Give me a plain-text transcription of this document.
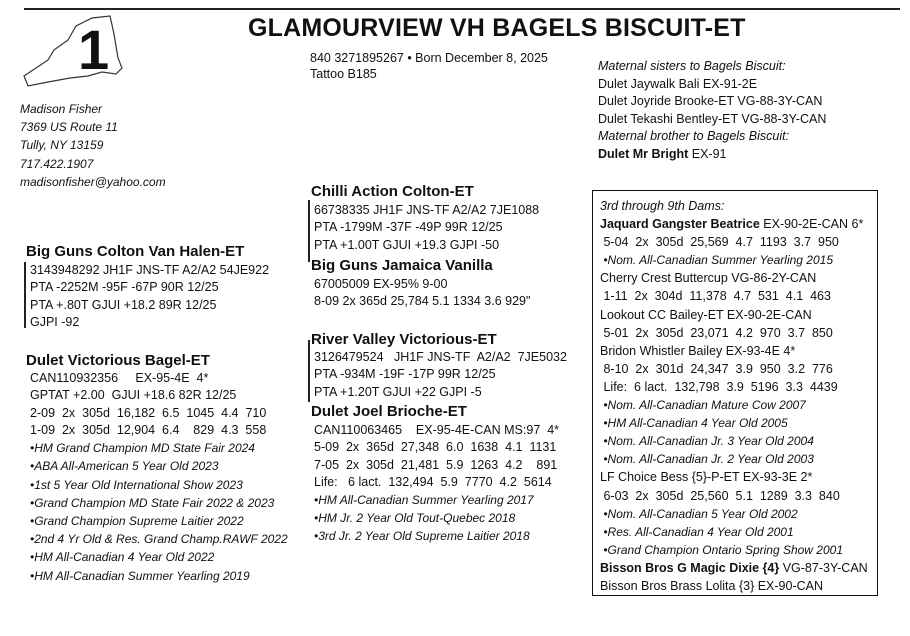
1	GLAMOURVIEW VH BAGELS BISCUIT-ET
840 3271895267 • Born December 8, 2025
Tattoo B185
Madison Fisher
7369 US Route 11
Tully, NY 13159
717.422.1907
madisonfisher@yahoo.com
Maternal sisters to Bagels Biscuit:
Dulet Jaywalk Bali EX-91-2E
Dulet Joyride Brooke-ET VG-88-3Y-CAN
Dulet Tekashi Bentley-ET VG-88-3Y-CAN
Maternal brother to Bagels Biscuit:
Dulet Mr Bright EX-91
Big Guns Colton Van Halen-ET
3143948292 JH1F JNS-TF A2/A2 54JE922
PTA -2252M -95F -67P 90R 12/25
PTA +.80T GJUI +18.2 89R 12/25
GJPI -92
Chilli Action Colton-ET
66738335 JH1F JNS-TF A2/A2 7JE1088
PTA -1799M -37F -49P 99R 12/25
PTA +1.00T GJUI +19.3 GJPI -50
Big Guns Jamaica Vanilla
67005009 EX-95% 9-00
8-09 2x 365d 25,784 5.1 1334 3.6 929"
Dulet Victorious Bagel-ET
CAN110932356     EX-95-4E  4*
GPTAT +2.00  GJUI +18.6 82R 12/25
2-09  2x  305d  16,182  6.5  1045  4.4  710
1-09  2x  305d  12,904  6.4    829  4.3  558
•HM Grand Champion MD State Fair 2024
•ABA All-American 5 Year Old 2023
•1st 5 Year Old International Show 2023
•Grand Champion MD State Fair 2022 & 2023
•Grand Champion Supreme Laitier 2022
•2nd 4 Yr Old & Res. Grand Champ.RAWF 2022
•HM All-Canadian 4 Year Old 2022
•HM All-Canadian Summer Yearling 2019
River Valley Victorious-ET
3126479524   JH1F JNS-TF  A2/A2  7JE5032
PTA -934M -19F -17P 99R 12/25
PTA +1.20T GJUI +22 GJPI -5
Dulet Joel Brioche-ET
CAN110063465    EX-95-4E-CAN MS:97  4*
5-09  2x  365d  27,348  6.0  1638  4.1  1131
7-05  2x  305d  21,481  5.9  1263  4.2    891
Life:   6 lact.  132,494  5.9  7770  4.2  5614
•HM All-Canadian Summer Yearling 2017
•HM Jr. 2 Year Old Tout-Quebec 2018
•3rd Jr. 2 Year Old Supreme Laitier 2018
3rd through 9th Dams:
Jaquard Gangster Beatrice EX-90-2E-CAN 6*
5-04  2x  305d  25,569  4.7  1193  3.7  950
•Nom. All-Canadian Summer Yearling 2015
Cherry Crest Buttercup VG-86-2Y-CAN
1-11  2x  304d  11,378  4.7  531  4.1  463
Lookout CC Bailey-ET EX-90-2E-CAN
5-01  2x  305d  23,071  4.2  970  3.7  850
Bridon Whistler Bailey EX-93-4E 4*
8-10  2x  301d  24,347  3.9  950  3.2  776
Life:  6 lact.  132,798  3.9  5196  3.3  4439
•Nom. All-Canadian Mature Cow 2007
•HM All-Canadian 4 Year Old 2005
•Nom. All-Canadian Jr. 3 Year Old 2004
•Nom. All-Canadian Jr. 2 Year Old 2003
LF Choice Bess {5}-P-ET EX-93-3E 2*
6-03  2x  305d  25,560  5.1  1289  3.3  840
•Nom. All-Canadian 5 Year Old 2002
•Res. All-Canadian 4 Year Old 2001
•Grand Champion Ontario Spring Show 2001
Bisson Bros G Magic Dixie {4} VG-87-3Y-CAN
Bisson Bros Brass Lolita {3} EX-90-CAN
